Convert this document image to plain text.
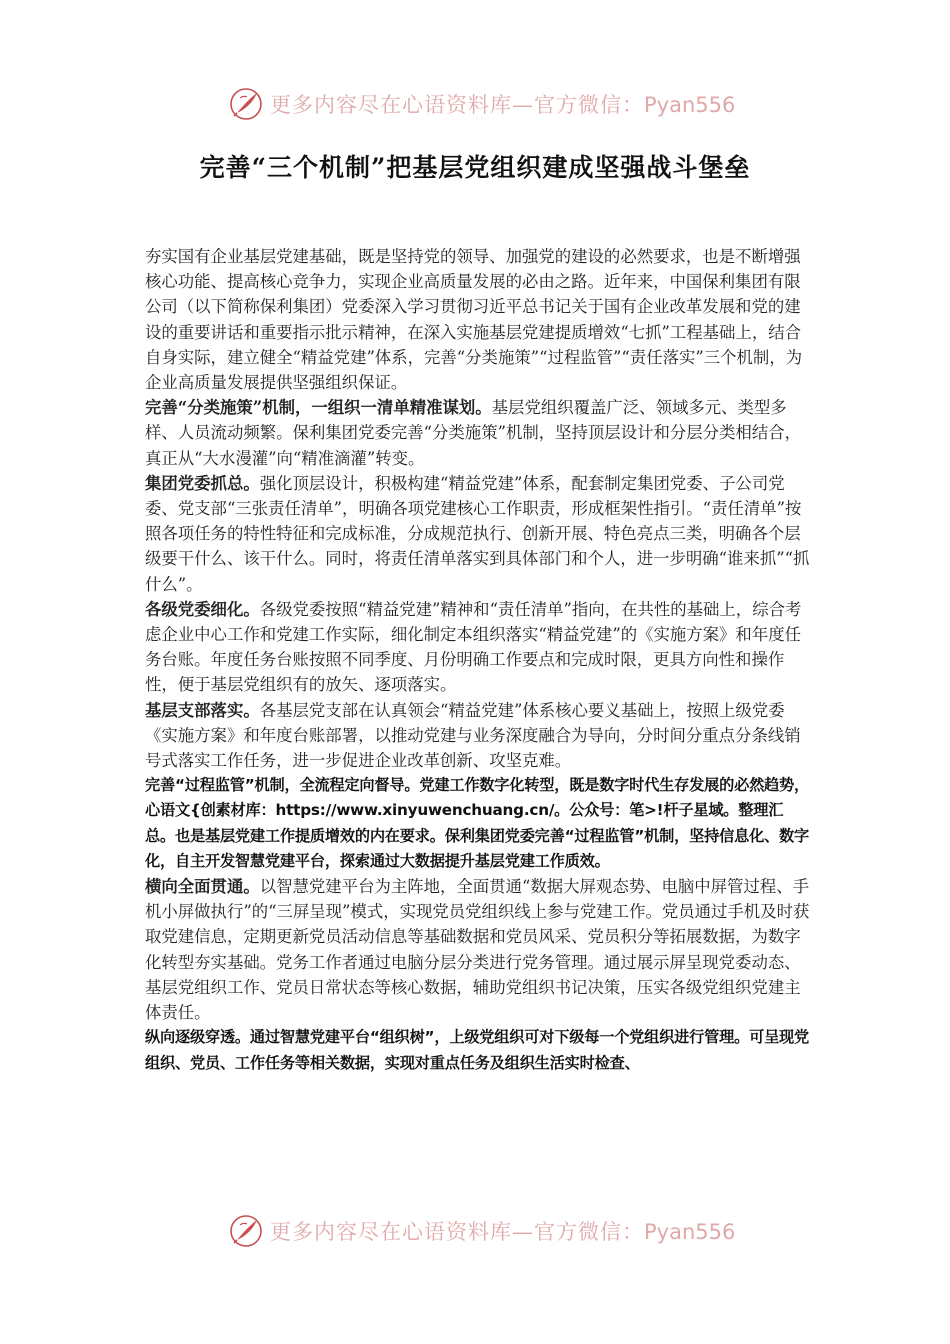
更多内容尽在心语资料库—官方微信：Pyan556
完善“三个机制”把基层党组织建成坚强战斗堡垒

夯实国有企业基层党建基础，既是坚持党的领导、加强党的建设的必然要求，也是不断增强核心功能、提高核心竞争力，实现企业高质量发展的必由之路。近年来，中国保利集团有限公司（以下简称保利集团）党委深入学习贯彻习近平总书记关于国有企业改革发展和党的建设的重要讲话和重要指示批示精神，在深入实施基层党建提质增效“七抓”工程基础上，结合自身实际，建立健全“精益党建”体系，完善“分类施策”“过程监管”“责任落实”三个机制，为企业高质量发展提供坚强组织保证。

完善“分类施策”机制，一组织一清单精准谋划。基层党组织覆盖广泛、领域多元、类型多样、人员流动频繁。保利集团党委完善“分类施策”机制，坚持顶层设计和分层分类相结合，真正从“大水漫灌”向“精准滴灌”转变。

集团党委抓总。强化顶层设计，积极构建“精益党建”体系，配套制定集团党委、子公司党委、党支部“三张责任清单”，明确各项党建核心工作职责，形成框架性指引。“责任清单”按照各项任务的特性特征和完成标准，分成规范执行、创新开展、特色亮点三类，明确各个层级要干什么、该干什么。同时，将责任清单落实到具体部门和个人，进一步明确“谁来抓”“抓什么”。

各级党委细化。各级党委按照“精益党建”精神和“责任清单”指向，在共性的基础上，综合考虑企业中心工作和党建工作实际，细化制定本组织落实“精益党建”的《实施方案》和年度任务台账。年度任务台账按照不同季度、月份明确工作要点和完成时限，更具方向性和操作性，便于基层党组织有的放矢、逐项落实。

基层支部落实。各基层党支部在认真领会“精益党建”体系核心要义基础上，按照上级党委《实施方案》和年度台账部署，以推动党建与业务深度融合为导向，分时间分重点分条线销号式落实工作任务，进一步促进企业改革创新、攻坚克难。

完善“过程监管”机制，全流程定向督导。党建工作数字化转型，既是数字时代生存发展的必然趋势，心语文{创素材库：https://www.xinyuwenchuang.cn/。公众号：笔>!杆子星域。整理汇总。也是基层党建工作提质增效的内在要求。保利集团党委完善“过程监管”机制，坚持信息化、数字化，自主开发智慧党建平台，探索通过大数据提升基层党建工作质效。

横向全面贯通。以智慧党建平台为主阵地，全面贯通“数据大屏观态势、电脑中屏管过程、手机小屏做执行”的“三屏呈现”模式，实现党员党组织线上参与党建工作。党员通过手机及时获取党建信息，定期更新党员活动信息等基础数据和党员风采、党员积分等拓展数据，为数字化转型夯实基础。党务工作者通过电脑分层分类进行党务管理。通过展示屏呈现党委动态、基层党组织工作、党员日常状态等核心数据，辅助党组织书记决策，压实各级党组织党建主体责任。

纵向逐级穿透。通过智慧党建平台“组织树”，上级党组织可对下级每一个党组织进行管理。可呈现党组织、党员、工作任务等相关数据，实现对重点任务及组织生活实时检查、

更多内容尽在心语资料库—官方微信：Pyan556
